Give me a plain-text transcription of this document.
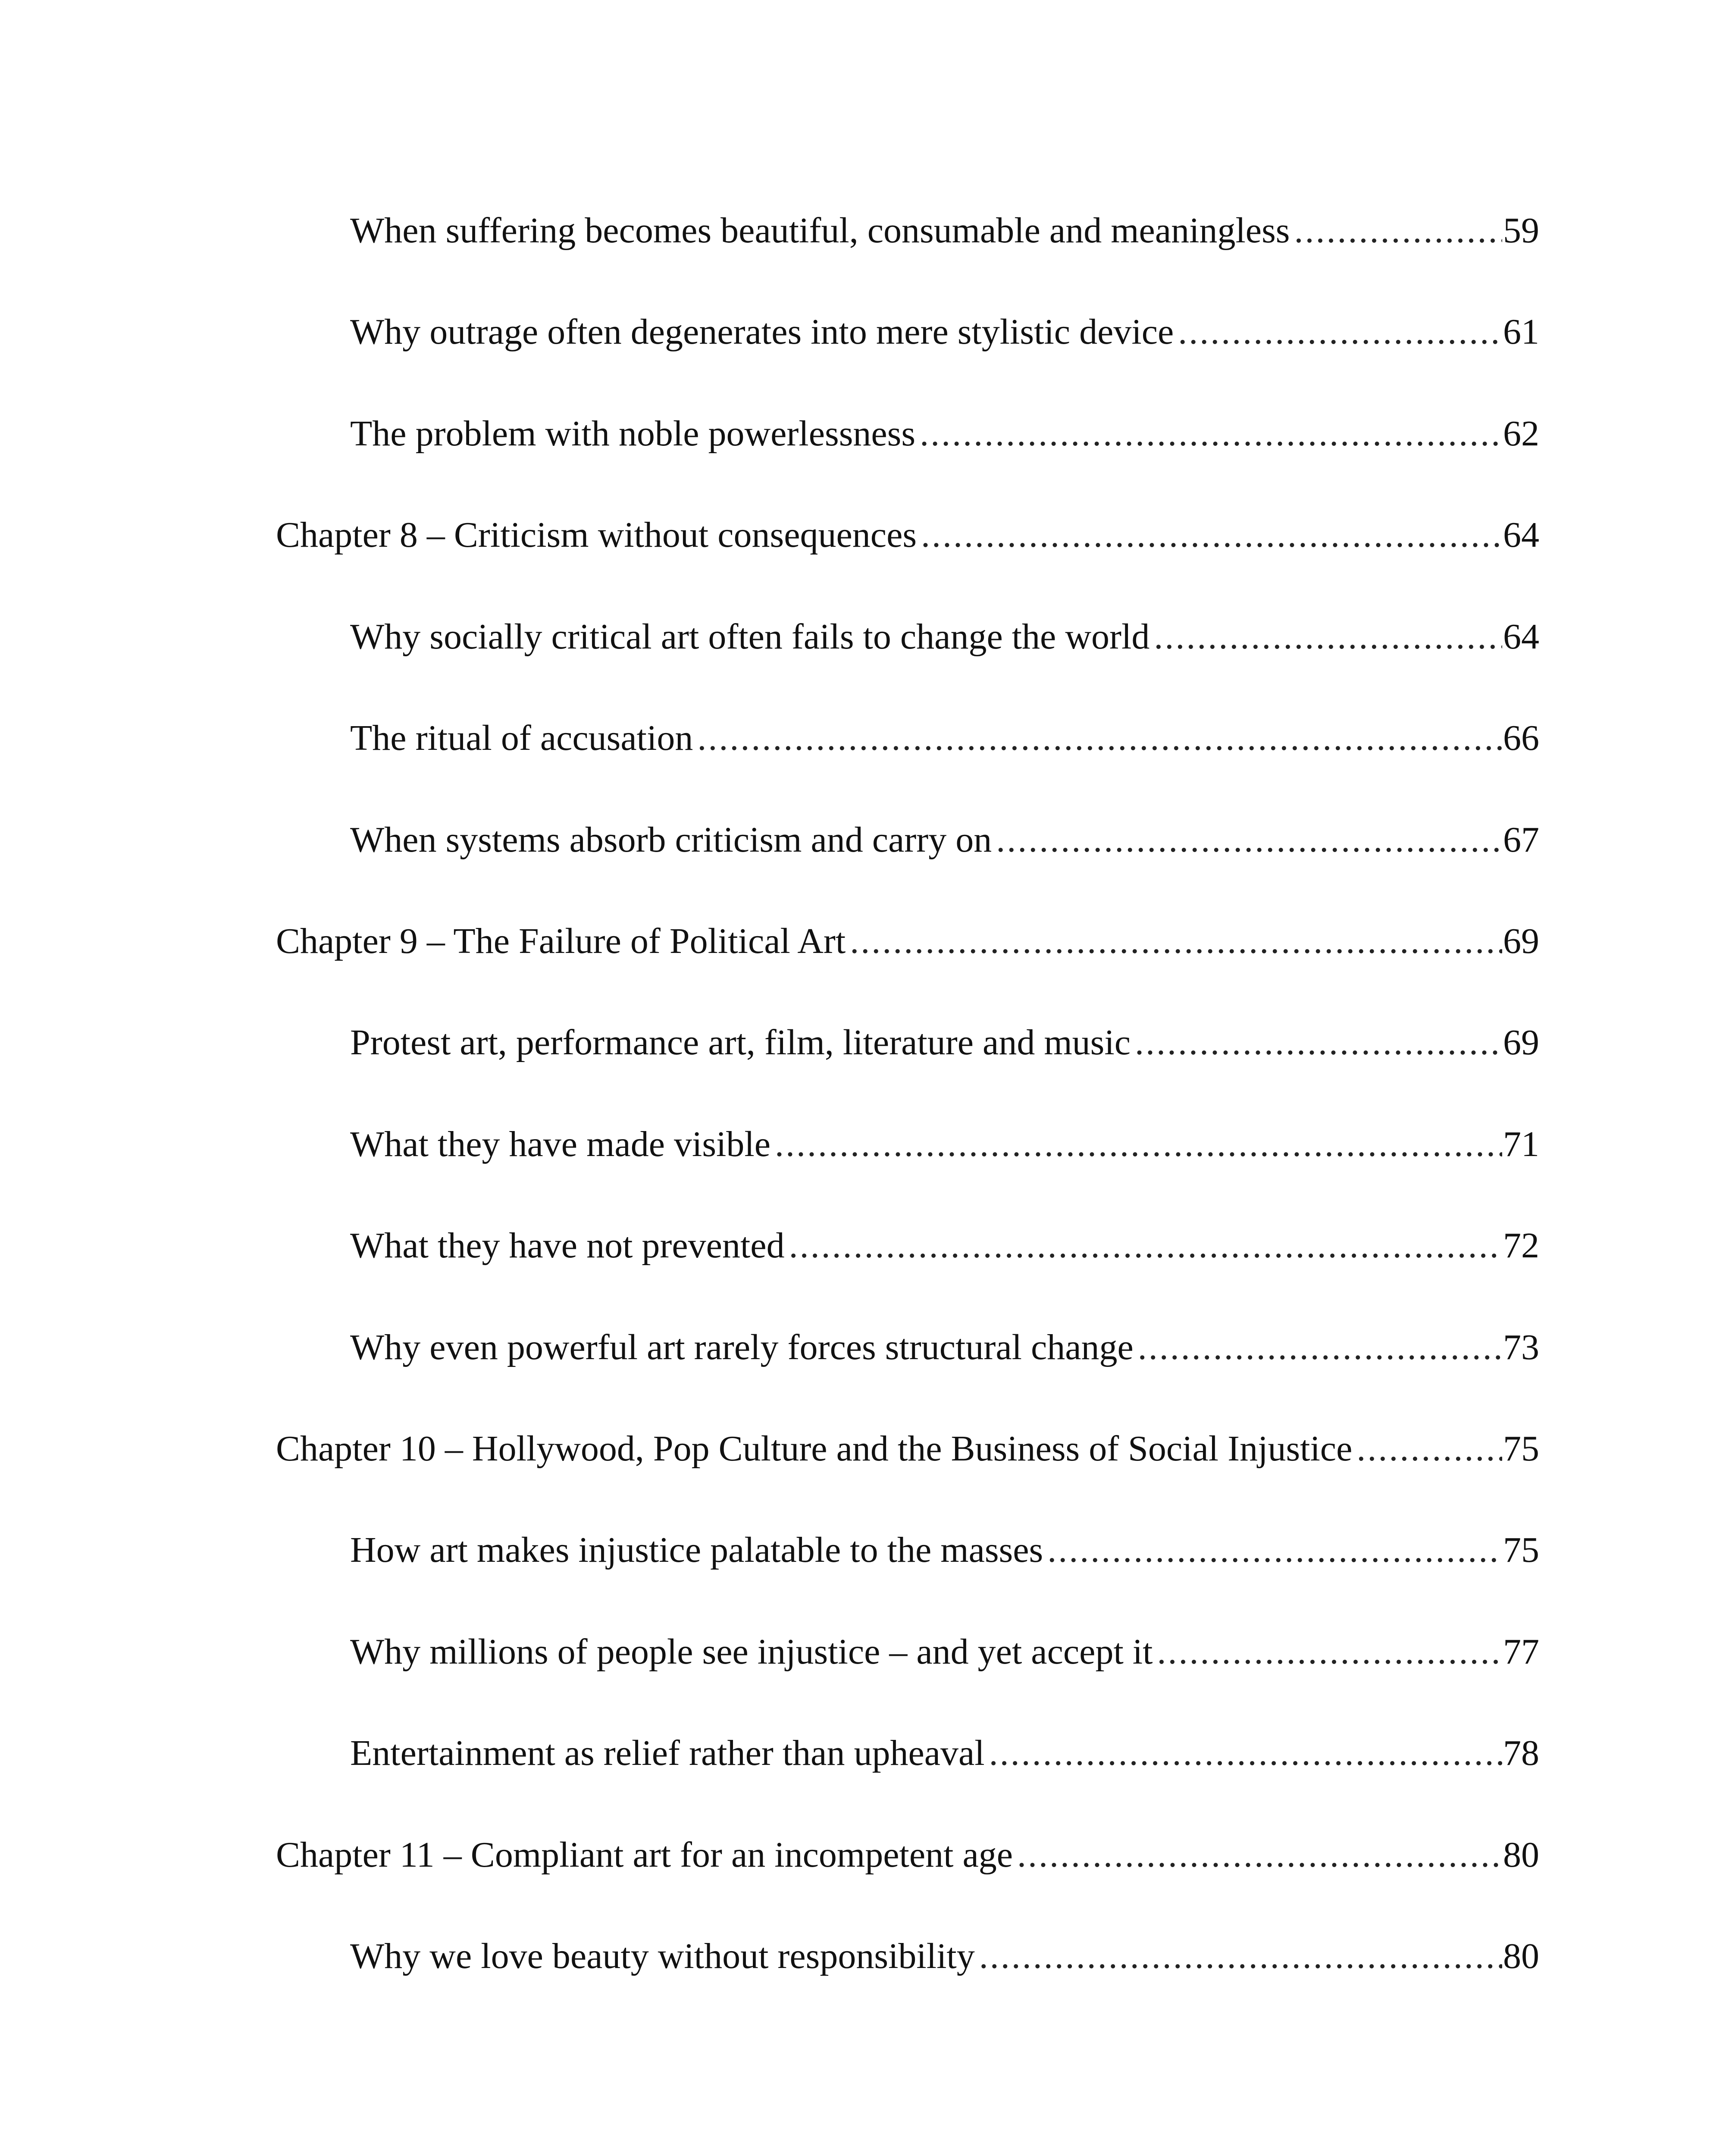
When suffering becomes beautiful, consumable and meaningless .....	59
Why outrage often degenerates into mere stylistic device .....	61
The problem with noble powerlessness .....	62
Chapter 8 – Criticism without consequences .....	64
Why socially critical art often fails to change the world .....	64
The ritual of accusation .....	66
When systems absorb criticism and carry on .....	67
Chapter 9 – The Failure of Political Art .....	69
Protest art, performance art, film, literature and music .....	69
What they have made visible .....	71
What they have not prevented .....	72
Why even powerful art rarely forces structural change .....	73
Chapter 10 – Hollywood, Pop Culture and the Business of Social Injustice .....	75
How art makes injustice palatable to the masses .....	75
Why millions of people see injustice – and yet accept it .....	77
Entertainment as relief rather than upheaval .....	78
Chapter 11 – Compliant art for an incompetent age .....	80
Why we love beauty without responsibility .....	80
